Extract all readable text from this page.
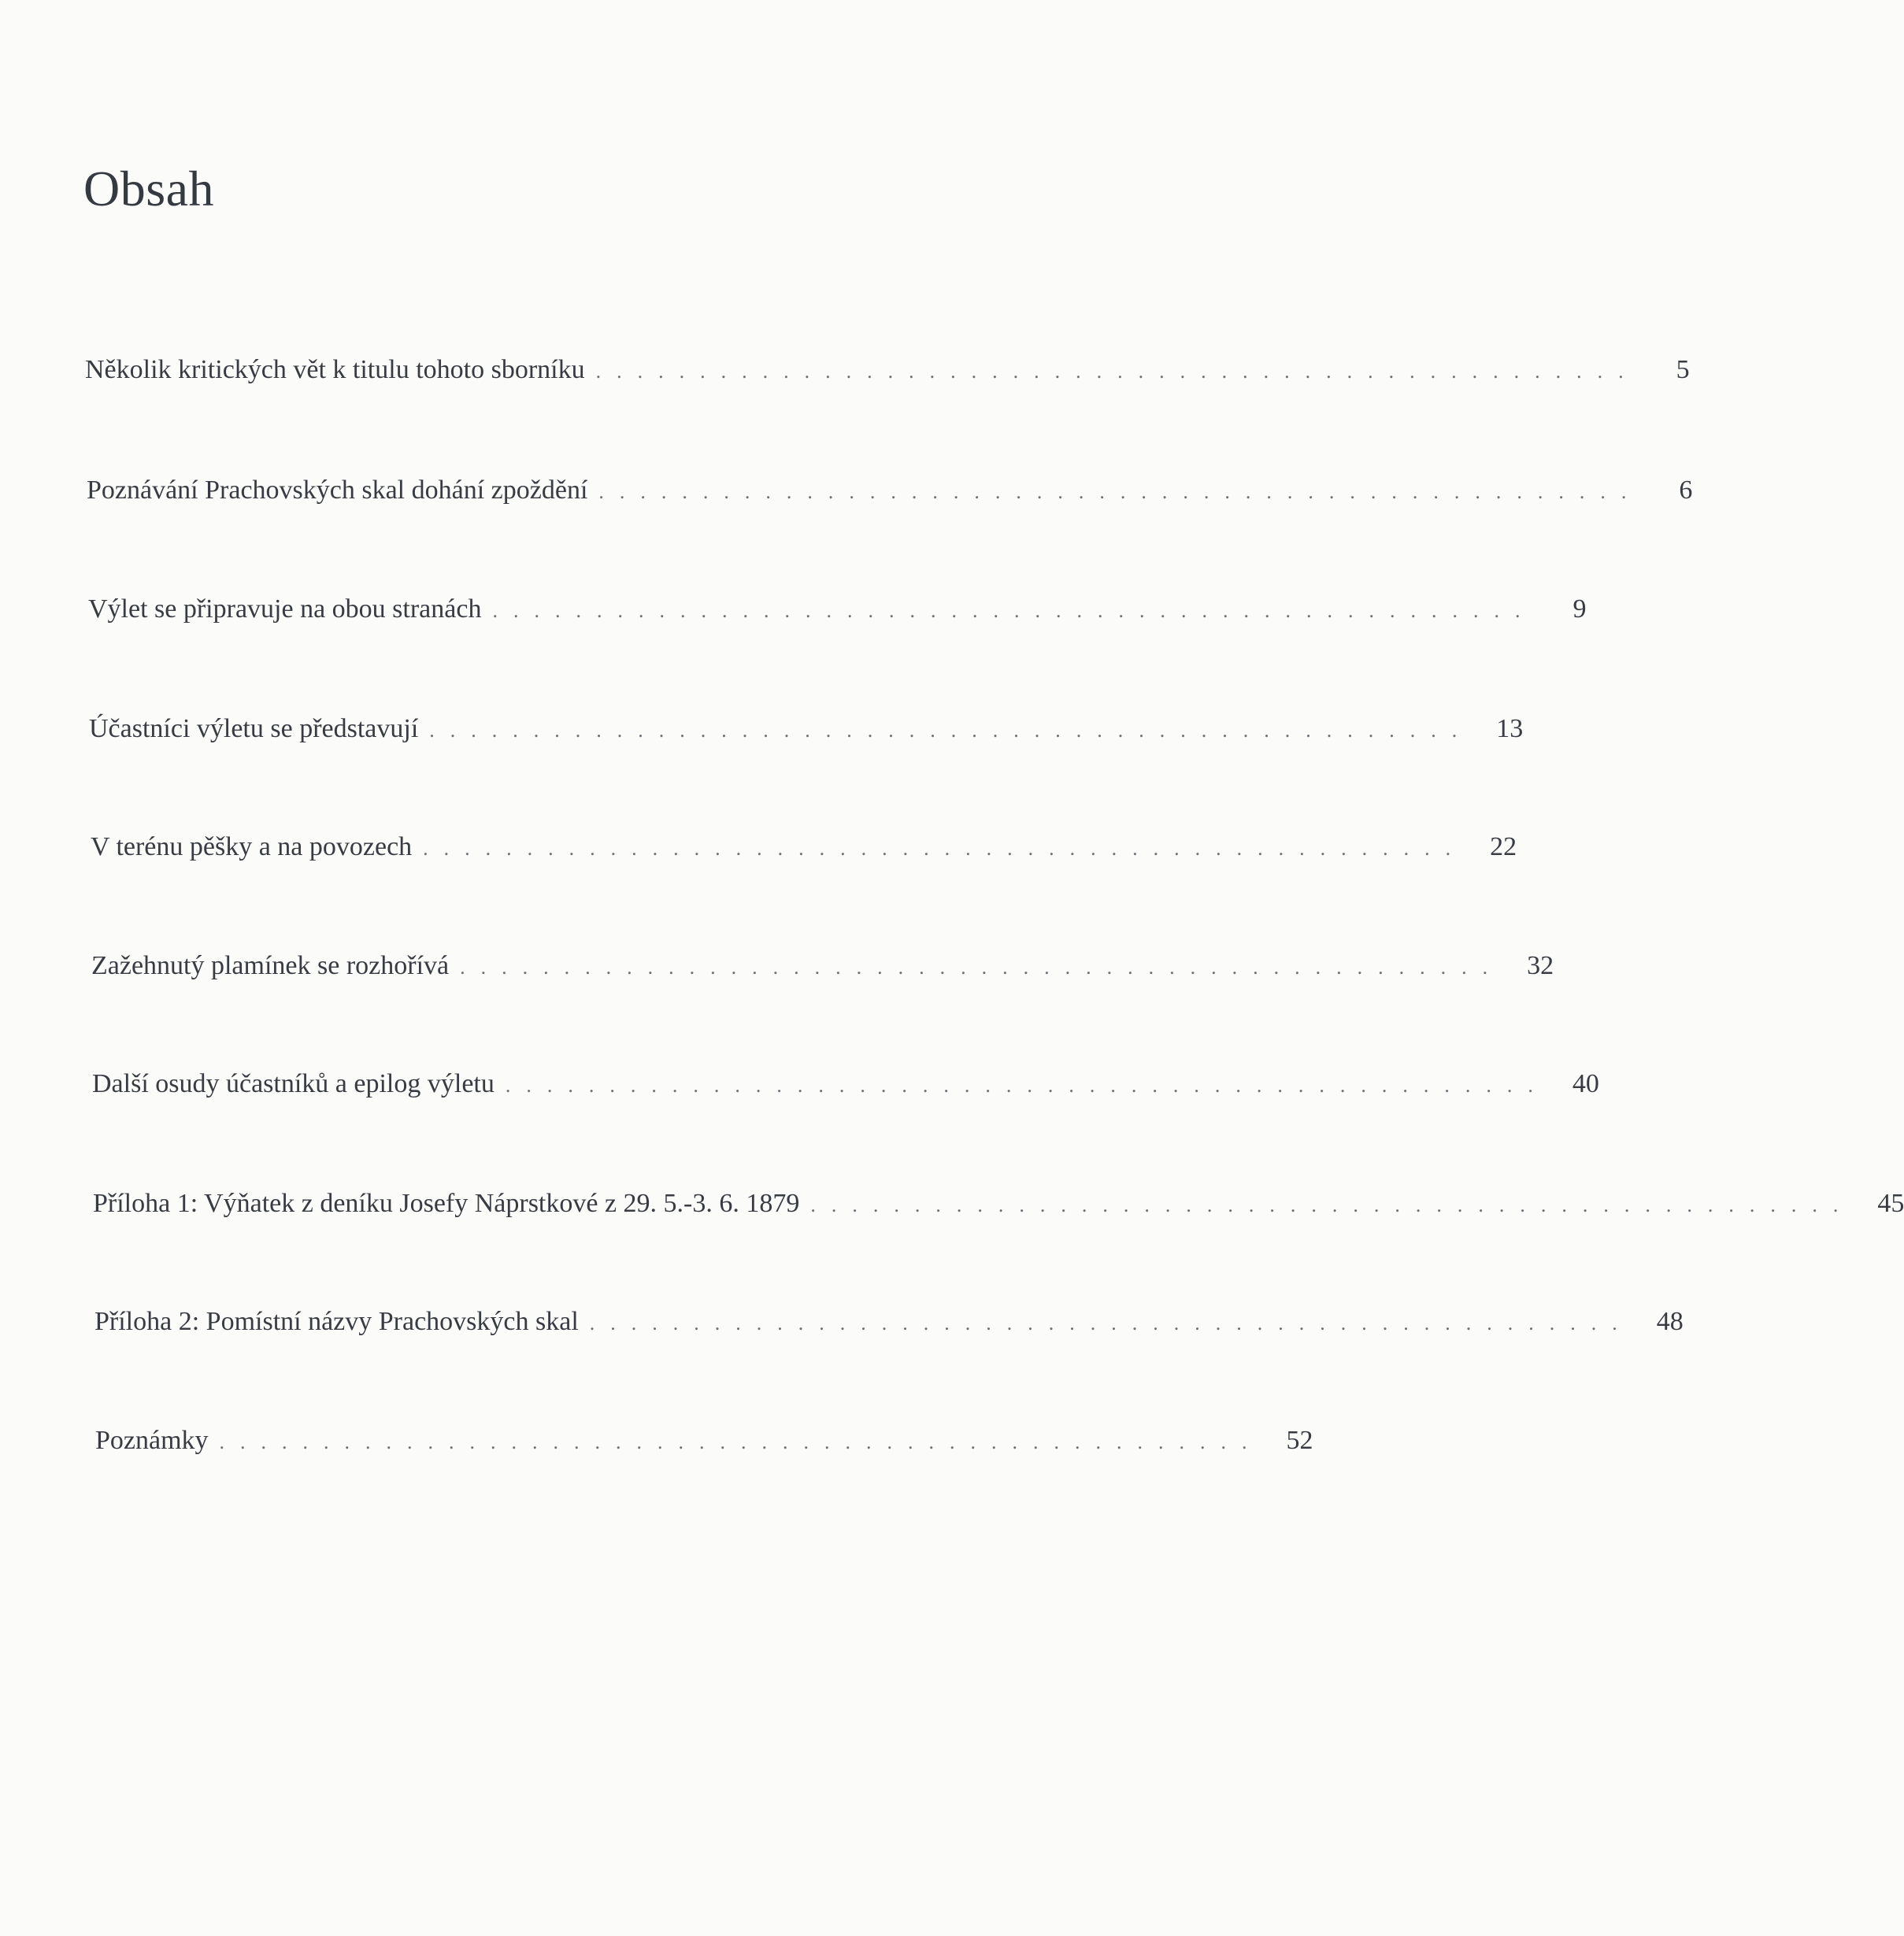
Obsah
Několik kritických vět k titulu tohoto sborníku ..................................................	5
Poznávání Prachovských skal dohání zpoždění ..................................................	6
Výlet se připravuje na obou stranách ..................................................	9
Účastníci výletu se představují .................................................. 13
V terénu pěšky a na povozech .................................................. 22
Zažehnutý plamínek se rozhořívá .................................................. 32
Další osudy účastníků a epilog výletu .................................................. 40
Příloha 1: Výňatek z deníku Josefy Náprstkové z 29. 5.-3. 6. 1879 .................................................. 45
Příloha 2: Pomístní názvy Prachovských skal .................................................. 48
Poznámky .................................................. 52
